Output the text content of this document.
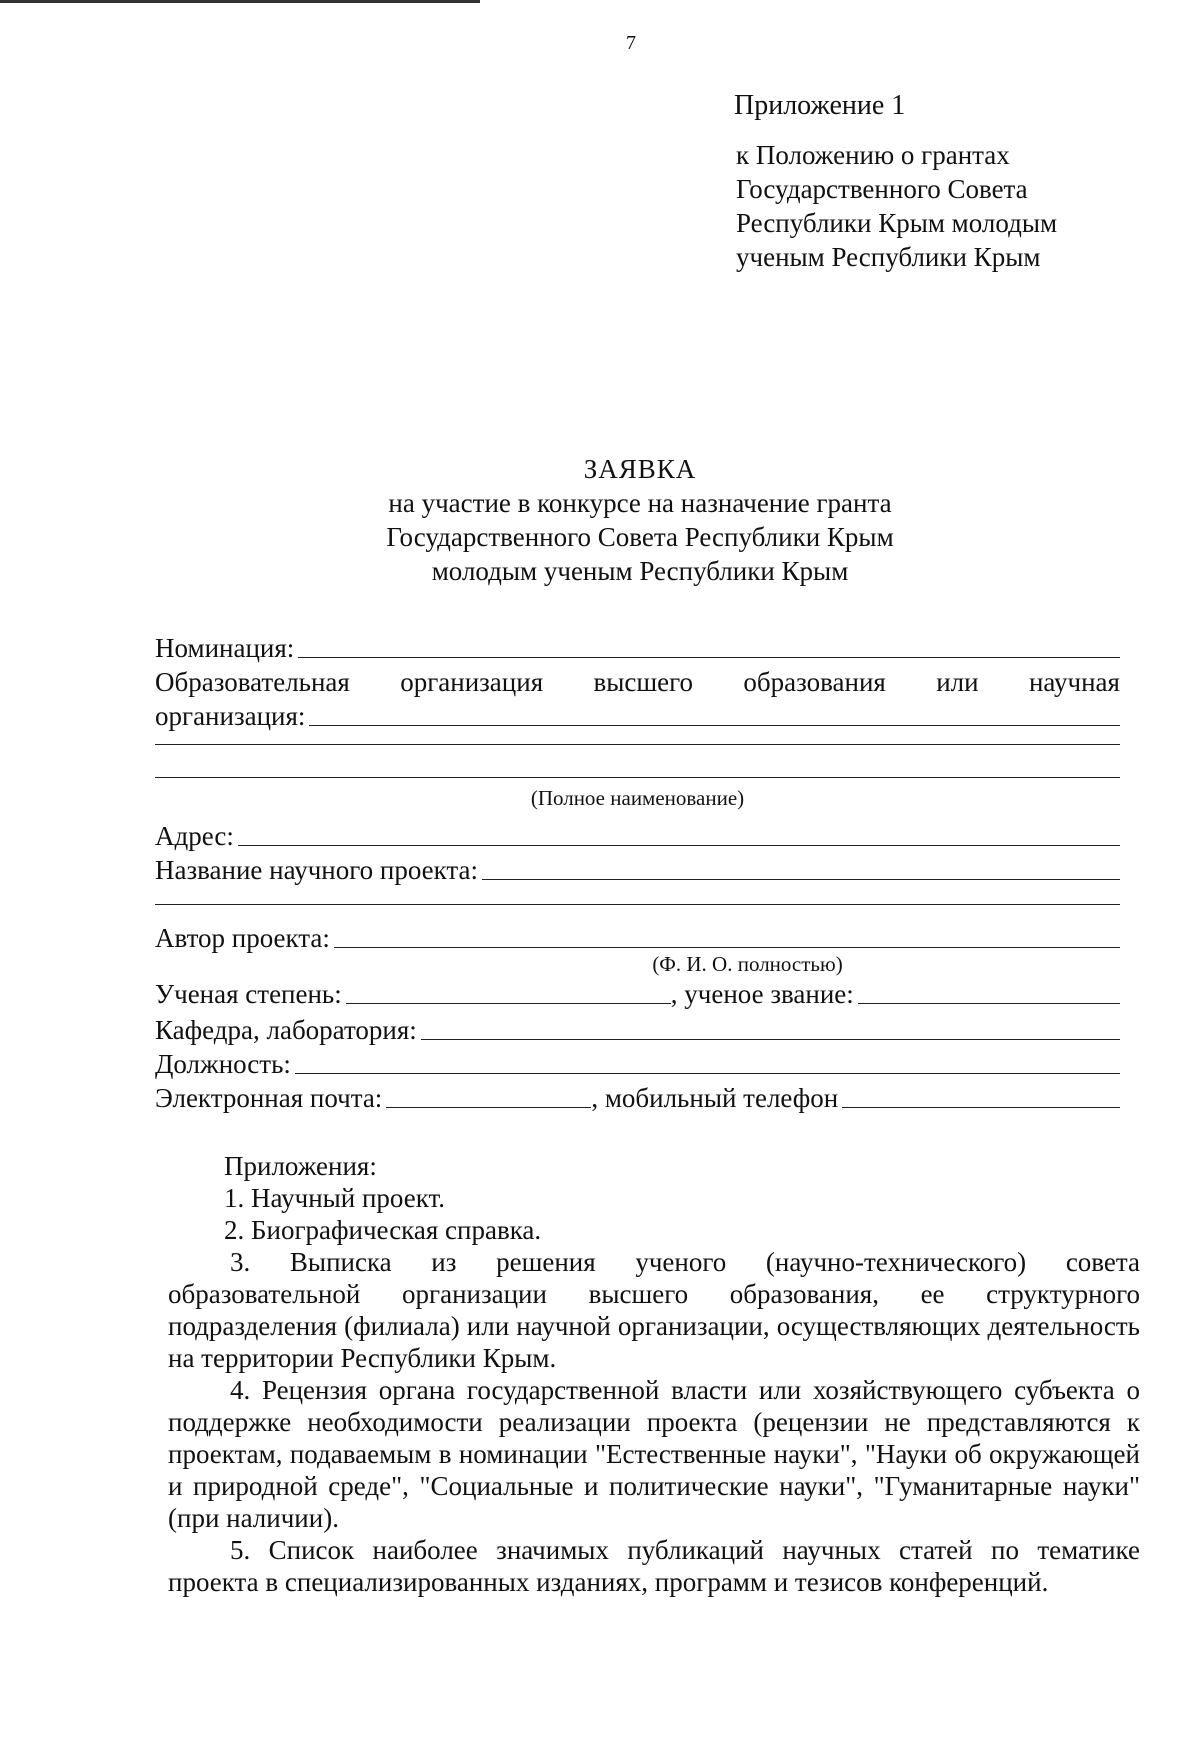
7
Приложение 1
к Положению о грантах
Государственного Совета
Республики Крым молодым
ученым Республики Крым
ЗАЯВКА
на участие в конкурсе на назначение гранта
Государственного Совета Республики Крым
молодым ученым Республики Крым
Номинация:
Образовательная организация высшего образования или научная
организация:
(Полное наименование)
Адрес:
Название научного проекта:
Автор проекта:
(Ф. И. О. полностью)
Ученая степень:	, ученое звание:
Кафедра, лаборатория:
Должность:
Электронная почта:	, мобильный телефон

Приложения:

1. Научный проект.

2. Биографическая справка.

3. Выписка из решения ученого (научно-технического) совета образовательной организации высшего образования, ее структурного подразделения (филиала) или научной организации, осуществляющих деятельность на территории Республики Крым.

4. Рецензия органа государственной власти или хозяйствующего субъекта о поддержке необходимости реализации проекта (рецензии не представляются к проектам, подаваемым в номинации "Естественные науки", "Науки об окружающей и природной среде", "Социальные и политические науки", "Гуманитарные науки" (при наличии).

5. Список наиболее значимых публикаций научных статей по тематике проекта в специализированных изданиях, программ и тезисов конференций.
